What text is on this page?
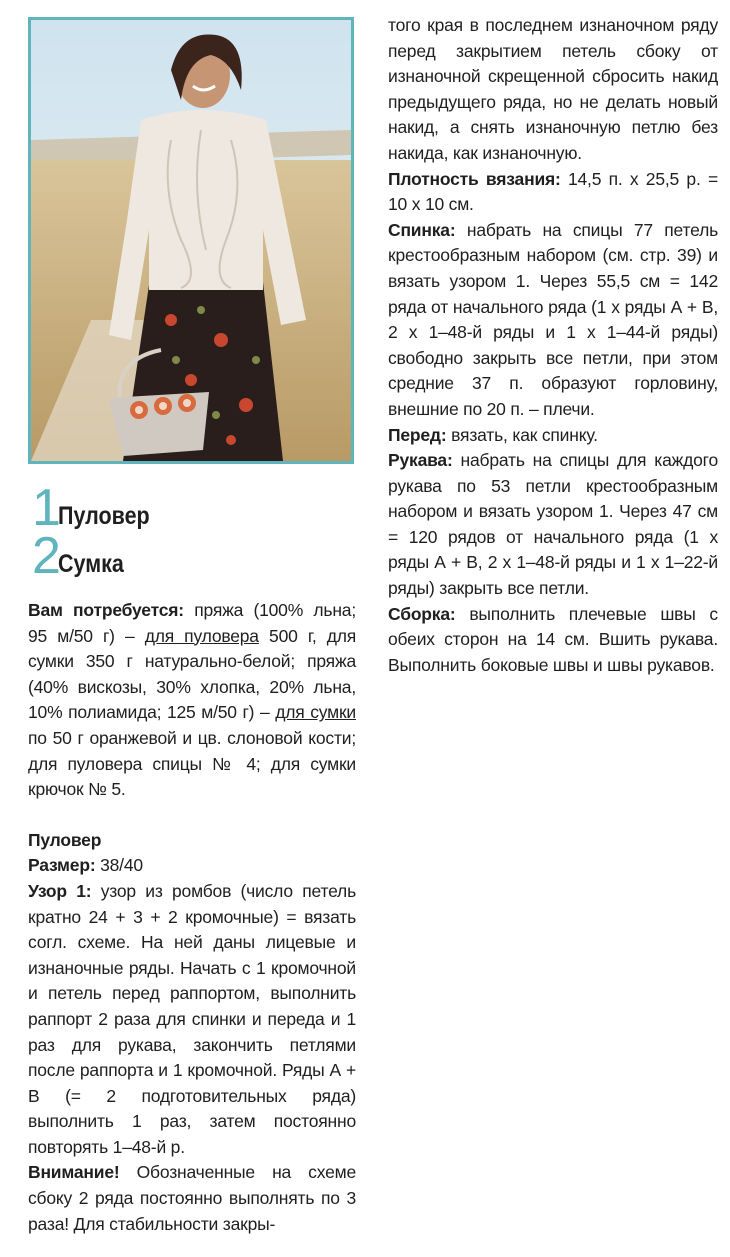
1
Пуловер
2
Сумка

Вам потребуется: пряжа (100% льна; 95 м/50 г) – для пуловера 500 г, для сумки 350 г натурально-белой; пряжа (40% вискозы, 30% хлопка, 20% льна, 10% полиамида; 125 м/50 г) – для сумки по 50 г оранжевой и цв. слоновой кости; для пуловера спицы № 4; для сумки крючок № 5.

Пуловер

Размер: 38/40

Узор 1: узор из ромбов (число петель кратно 24 + 3 + 2 кромочные) = вязать согл. схеме. На ней даны лицевые и изнаночные ряды. Начать с 1 кромочной и петель перед раппортом, выполнить раппорт 2 раза для спинки и переда и 1 раз для рукава, закончить петлями после раппорта и 1 кромочной. Ряды А + В (= 2 подготовительных ряда) выполнить 1 раз, затем постоянно повторять 1–48-й р.

Внимание! Обозначенные на схеме сбоку 2 ряда постоянно выполнять по 3 раза! Для стабильности закры-

того края в последнем изнаночном ряду перед закрытием петель сбоку от изнаночной скрещенной сбросить накид предыдущего ряда, но не делать новый накид, а снять изнаночную петлю без накида, как изнаночную.

Плотность вязания: 14,5 п. х 25,5 р. = 10 х 10 см.

Спинка: набрать на спицы 77 петель крестообразным набором (см. стр. 39) и вязать узором 1. Через 55,5 см = 142 ряда от начального ряда (1 х ряды А + В, 2 х 1–48-й ряды и 1 х 1–44-й ряды) свободно закрыть все петли, при этом средние 37 п. образуют горловину, внешние по 20 п. – плечи.

Перед: вязать, как спинку.

Рукава: набрать на спицы для каждого рукава по 53 петли крестообразным набором и вязать узором 1. Через 47 см = 120 рядов от начального ряда (1 х ряды А + В, 2 х 1–48-й ряды и 1 х 1–22-й ряды) закрыть все петли.

Сборка: выполнить плечевые швы с обеих сторон на 14 см. Вшить рукава. Выполнить боковые швы и швы рукавов.
